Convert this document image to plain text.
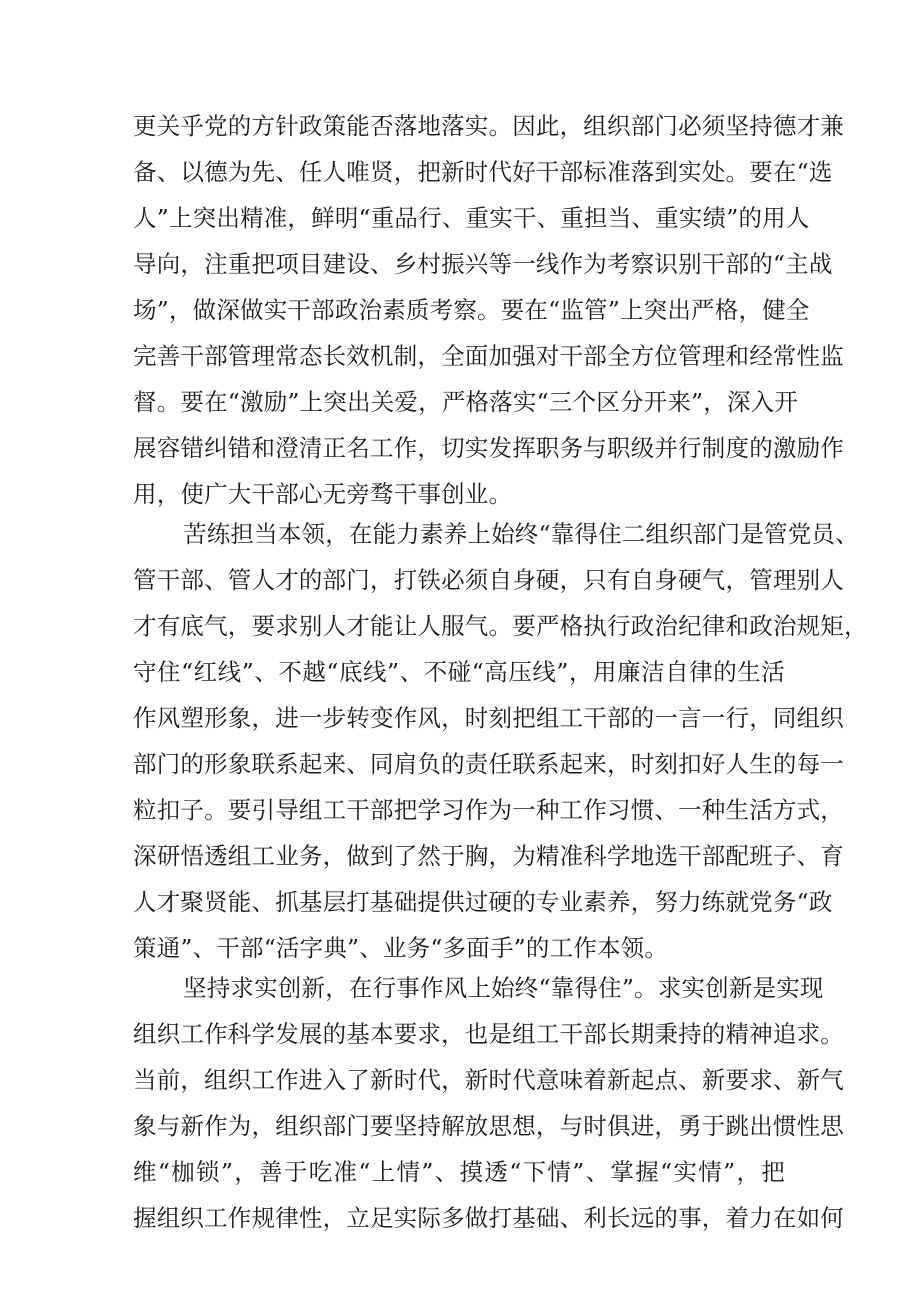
更关乎党的方针政策能否落地落实。因此，组织部门必须坚持德才兼
备、以德为先、任人唯贤，把新时代好干部标准落到实处。要在“选
人”上突出精准，鲜明“重品行、重实干、重担当、重实绩”的用人
导向，注重把项目建设、乡村振兴等一线作为考察识别干部的“主战
场”，做深做实干部政治素质考察。要在“监管”上突出严格，健全
完善干部管理常态长效机制，全面加强对干部全方位管理和经常性监
督。要在“激励”上突出关爱，严格落实“三个区分开来”，深入开
展容错纠错和澄清正名工作，切实发挥职务与职级并行制度的激励作
用，使广大干部心无旁骛干事创业。
苦练担当本领，在能力素养上始终“靠得住二组织部门是管党员、
管干部、管人才的部门，打铁必须自身硬，只有自身硬气，管理别人
才有底气，要求别人才能让人服气。要严格执行政治纪律和政治规矩，
守住“红线”、不越“底线”、不碰“高压线”，用廉洁自律的生活
作风塑形象，进一步转变作风，时刻把组工干部的一言一行，同组织
部门的形象联系起来、同肩负的责任联系起来，时刻扣好人生的每一
粒扣子。要引导组工干部把学习作为一种工作习惯、一种生活方式，
深研悟透组工业务，做到了然于胸，为精准科学地选干部配班子、育
人才聚贤能、抓基层打基础提供过硬的专业素养，努力练就党务“政
策通”、干部“活字典”、业务“多面手”的工作本领。
坚持求实创新，在行事作风上始终“靠得住”。求实创新是实现
组织工作科学发展的基本要求，也是组工干部长期秉持的精神追求。
当前，组织工作进入了新时代，新时代意味着新起点、新要求、新气
象与新作为，组织部门要坚持解放思想，与时俱进，勇于跳出惯性思
维“枷锁”，善于吃准“上情”、摸透“下情”、掌握“实情”，把
握组织工作规律性，立足实际多做打基础、利长远的事，着力在如何
